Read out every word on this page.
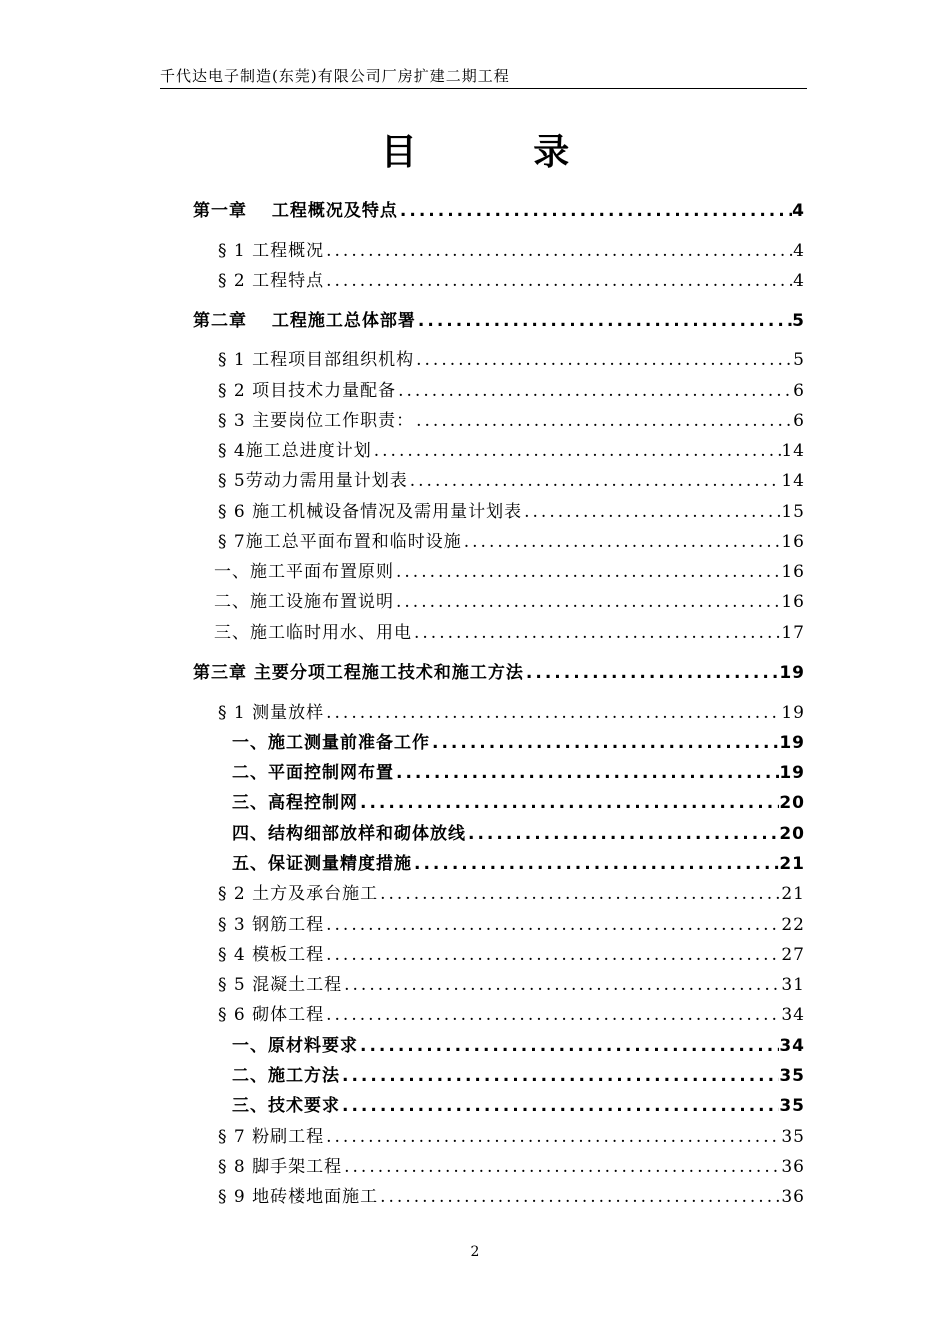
千代达电子制造(东莞)有限公司厂房扩建二期工程
目 录
第一章　 工程概况及特点 .....	4
§ 1 工程概况 .....	4
§ 2 工程特点 .....	4
第二章　 工程施工总体部署 .....	5
§ 1 工程项目部组织机构 .....	5
§ 2 项目技术力量配备 .....	6
§ 3 主要岗位工作职责： .....	6
§ 4施工总进度计划 .....	14
§ 5劳动力需用量计划表 .....	14
§ 6 施工机械设备情况及需用量计划表 .....	15
§ 7施工总平面布置和临时设施 .....	16
一、施工平面布置原则 .....	16
二、施工设施布置说明 .....	16
三、施工临时用水、用电 .....	17
第三章 主要分项工程施工技术和施工方法 .....	19
§ 1 测量放样 .....	19
一、施工测量前准备工作 .....	19
二、平面控制网布置 .....	19
三、高程控制网 .....	20
四、结构细部放样和砌体放线 .....	20
五、保证测量精度措施 .....	21
§ 2 土方及承台施工 .....	21
§ 3 钢筋工程 .....	22
§ 4 模板工程 .....	27
§ 5 混凝土工程 .....	31
§ 6 砌体工程 .....	34
一、原材料要求 .....	34
二、施工方法 .....	35
三、技术要求 .....	35
§ 7 粉刷工程 .....	35
§ 8 脚手架工程 .....	36
§ 9 地砖楼地面施工 .....	36
2
